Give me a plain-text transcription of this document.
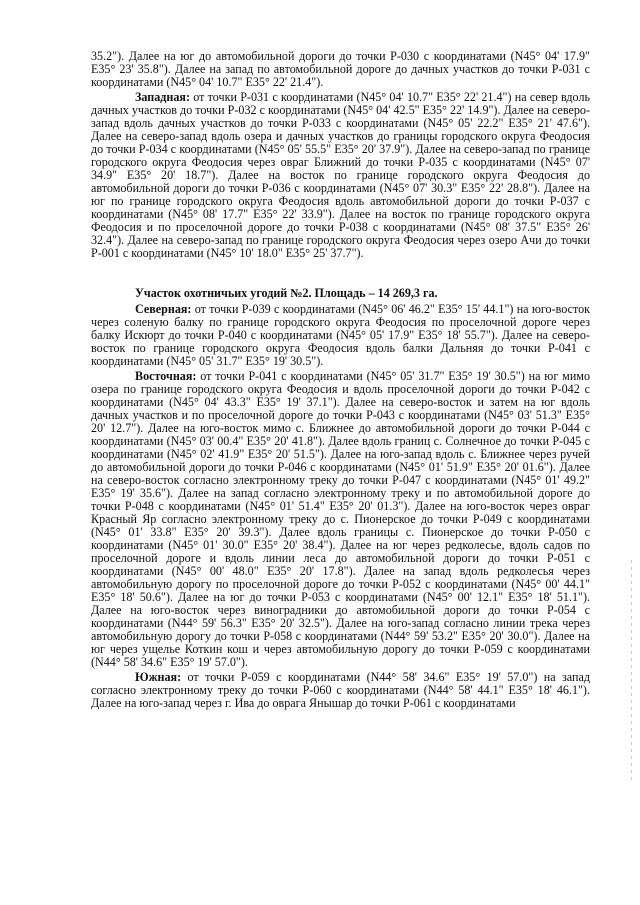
35.2"). Далее на юг до автомобильной дороги до точки Р-030 с координатами (N45° 04' 17.9" E35° 23' 35.8"). Далее на запад по автомобильной дороге до дачных участков до точки Р-031 с координатами (N45° 04' 10.7" E35° 22' 21.4").

Западная: от точки Р-031 с координатами (N45° 04' 10.7" E35° 22' 21.4") на север вдоль дачных участков до точки Р-032 с координатами (N45° 04' 42.5" E35° 22' 14.9"). Далее на северо-запад вдоль дачных участков до точки Р-033 с координатами (N45° 05' 22.2" E35° 21' 47.6"). Далее на северо-запад вдоль озера и дачных участков до границы городского округа Феодосия до точки Р-034 с координатами (N45° 05' 55.5" E35° 20' 37.9"). Далее на северо-запад по границе городского округа Феодосия через овраг Ближний до точки Р-035 с координатами (N45° 07' 34.9" E35° 20' 18.7"). Далее на восток по границе городского округа Феодосия до автомобильной дороги до точки Р-036 с координатами (N45° 07' 30.3" E35° 22' 28.8"). Далее на юг по границе городского округа Феодосия вдоль автомобильной дороги до точки Р-037 с координатами (N45° 08' 17.7" E35° 22' 33.9"). Далее на восток по границе городского округа Феодосия и по проселочной дороге до точки Р-038 с координатами (N45° 08' 37.5" E35° 26' 32.4"). Далее на северо-запад по границе городского округа Феодосия через озеро Ачи до точки Р-001 с координатами (N45° 10' 18.0" E35° 25' 37.7").

Участок охотничьих угодий №2. Площадь – 14 269,3 га.

Северная: от точки Р-039 с координатами (N45° 06' 46.2" E35° 15' 44.1") на юго-восток через соленую балку по границе городского округа Феодосия по проселочной дороге через балку Искюрт до точки Р-040 с координатами (N45° 05' 17.9" E35° 18' 55.7"). Далее на северо-восток по границе городского округа Феодосия вдоль балки Дальняя до точки Р-041 с координатами (N45° 05' 31.7" E35° 19' 30.5").

Восточная: от точки Р-041 с координатами (N45° 05' 31.7" E35° 19' 30.5") на юг мимо озера по границе городского округа Феодосия и вдоль проселочной дороги до точки Р-042 с координатами (N45° 04' 43.3" E35° 19' 37.1"). Далее на северо-восток и затем на юг вдоль дачных участков и по проселочной дороге до точки Р-043 с координатами (N45° 03' 51.3" E35° 20' 12.7"). Далее на юго-восток мимо с. Ближнее до автомобильной дороги до точки Р-044 с координатами (N45° 03' 00.4" E35° 20' 41.8"). Далее вдоль границ с. Солнечное до точки Р-045 с координатами (N45° 02' 41.9" E35° 20' 51.5"). Далее на юго-запад вдоль с. Ближнее через ручей до автомобильной дороги до точки Р-046 с координатами (N45° 01' 51.9" E35° 20' 01.6"). Далее на северо-восток согласно электронному треку до точки Р-047 с координатами (N45° 01' 49.2" E35° 19' 35.6"). Далее на запад согласно электронному треку и по автомобильной дороге до точки Р-048 с координатами (N45° 01' 51.4" E35° 20' 01.3"). Далее на юго-восток через овраг Красный Яр согласно электронному треку до с. Пионерское до точки Р-049 с координатами (N45° 01' 33.8" E35° 20' 39.3"). Далее вдоль границы с. Пионерское до точки Р-050 с координатами (N45° 01' 30.0" E35° 20' 38.4"). Далее на юг через редколесье, вдоль садов по проселочной дороге и вдоль линии леса до автомобильной дороги до точки Р-051 с координатами (N45° 00' 48.0" E35° 20' 17.8"). Далее на запад вдоль редколесья через автомобильную дорогу по проселочной дороге до точки Р-052 с координатами (N45° 00' 44.1" E35° 18' 50.6"). Далее на юг до точки Р-053 с координатами (N45° 00' 12.1" E35° 18' 51.1"). Далее на юго-восток через виноградники до автомобильной дороги до точки Р-054 с координатами (N44° 59' 56.3" E35° 20' 32.5"). Далее на юго-запад согласно линии трека через автомобильную дорогу до точки Р-058 с координатами (N44° 59' 53.2" E35° 20' 30.0"). Далее на юг через ущелье Коткин кош и через автомобильную дорогу до точки Р-059 с координатами (N44° 58' 34.6" E35° 19' 57.0").

Южная: от точки Р-059 с координатами (N44° 58' 34.6" E35° 19' 57.0") на запад согласно электронному треку до точки Р-060 с координатами (N44° 58' 44.1" E35° 18' 46.1"). Далее на юго-запад через г. Ива до оврага Янышар до точки Р-061 с координатами
